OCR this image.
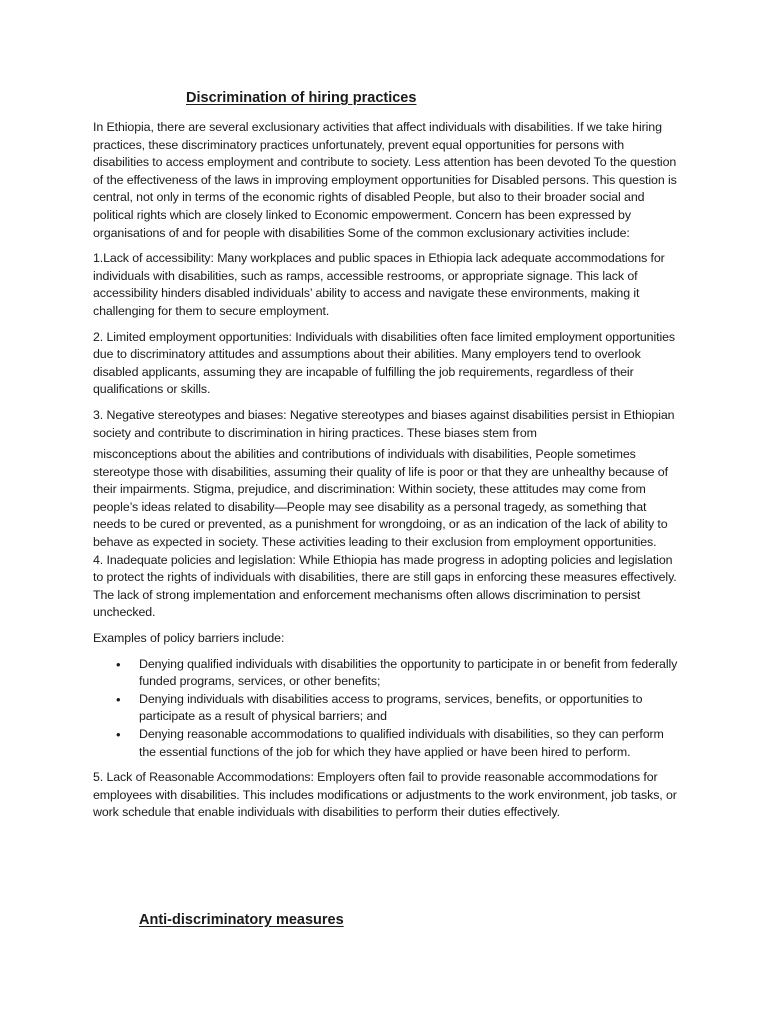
Discrimination of hiring practices

In Ethiopia, there are several exclusionary activities that affect individuals with disabilities. If we take hiring practices, these discriminatory practices unfortunately, prevent equal opportunities for persons with disabilities to access employment and contribute to society. Less attention has been devoted To the question of the effectiveness of the laws in improving employment opportunities for Disabled persons. This question is central, not only in terms of the economic rights of disabled People, but also to their broader social and political rights which are closely linked to Economic empowerment. Concern has been expressed by organisations of and for people with disabilities Some of the common exclusionary activities include:

1.Lack of accessibility: Many workplaces and public spaces in Ethiopia lack adequate accommodations for individuals with disabilities, such as ramps, accessible restrooms, or appropriate signage. This lack of accessibility hinders disabled individuals’ ability to access and navigate these environments, making it challenging for them to secure employment.

2. Limited employment opportunities: Individuals with disabilities often face limited employment opportunities due to discriminatory attitudes and assumptions about their abilities. Many employers tend to overlook disabled applicants, assuming they are incapable of fulfilling the job requirements, regardless of their qualifications or skills.

3. Negative stereotypes and biases: Negative stereotypes and biases against disabilities persist in Ethiopian society and contribute to discrimination in hiring practices. These biases stem from

misconceptions about the abilities and contributions of individuals with disabilities, People sometimes stereotype those with disabilities, assuming their quality of life is poor or that they are unhealthy because of their impairments. Stigma, prejudice, and discrimination: Within society, these attitudes may come from people’s ideas related to disability—People may see disability as a personal tragedy, as something that needs to be cured or prevented, as a punishment for wrongdoing, or as an indication of the lack of ability to behave as expected in society. These activities leading to their exclusion from employment opportunities.

4. Inadequate policies and legislation: While Ethiopia has made progress in adopting policies and legislation to protect the rights of individuals with disabilities, there are still gaps in enforcing these measures effectively. The lack of strong implementation and enforcement mechanisms often allows discrimination to persist unchecked.

Examples of policy barriers include:

• Denying qualified individuals with disabilities the opportunity to participate in or benefit from federally funded programs, services, or other benefits;
• Denying individuals with disabilities access to programs, services, benefits, or opportunities to participate as a result of physical barriers; and
• Denying reasonable accommodations to qualified individuals with disabilities, so they can perform the essential functions of the job for which they have applied or have been hired to perform.

5. Lack of Reasonable Accommodations: Employers often fail to provide reasonable accommodations for employees with disabilities. This includes modifications or adjustments to the work environment, job tasks, or work schedule that enable individuals with disabilities to perform their duties effectively.

Anti-discriminatory measures
